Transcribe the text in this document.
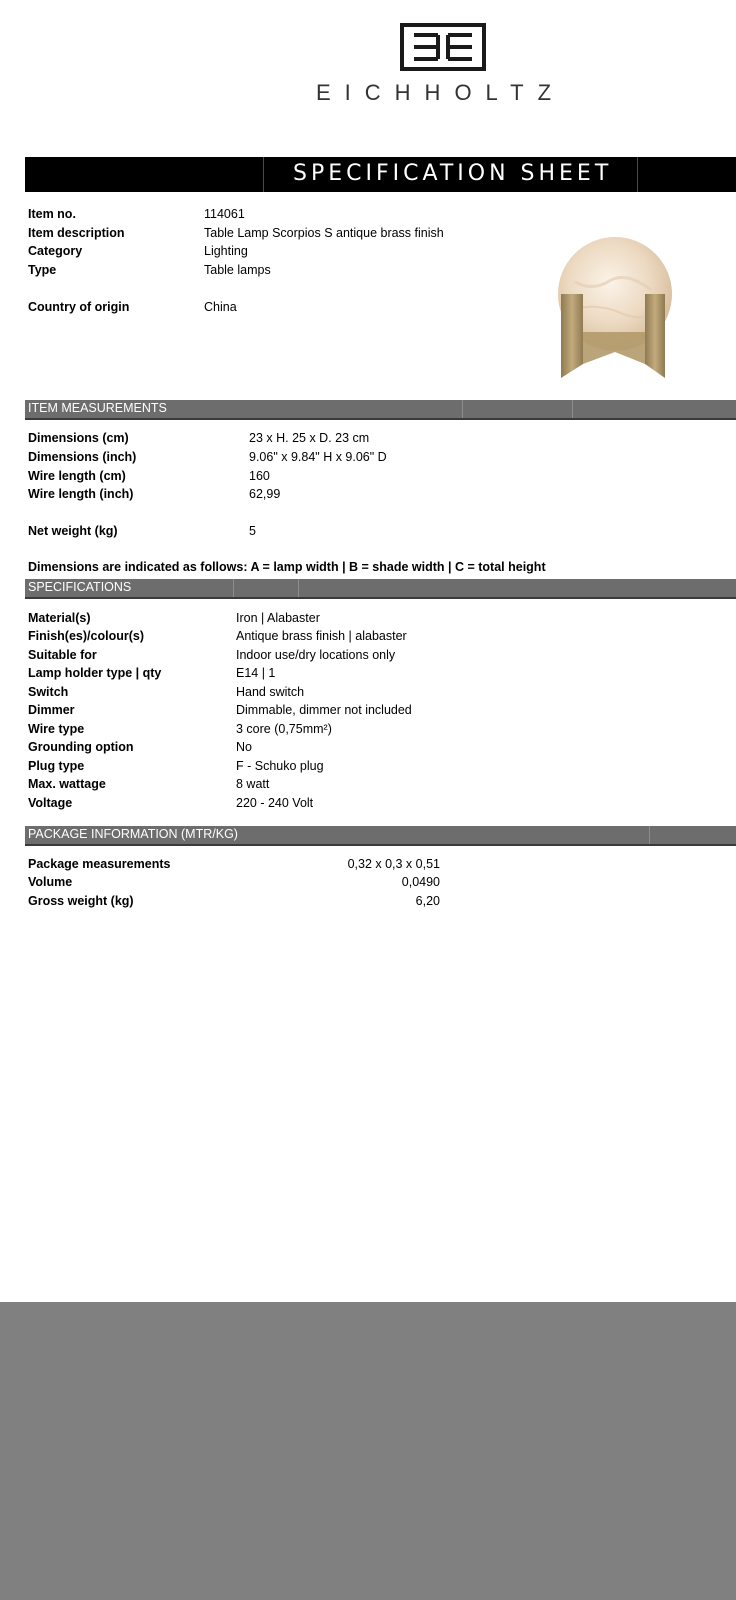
EICHHOLTZ
SPECIFICATION SHEET
Item no.	114061
Item description	Table Lamp Scorpios S antique brass finish
Category	Lighting
Type	Table lamps
Country of origin	China
ITEM MEASUREMENTS
Dimensions (cm)	23 x H. 25 x D. 23 cm
Dimensions (inch)	9.06" x 9.84" H x 9.06" D
Wire length (cm)	160
Wire length (inch)	62,99
Net weight (kg)	5
Dimensions are indicated as follows: A = lamp width | B = shade width | C = total height
SPECIFICATIONS
Material(s)	Iron | Alabaster
Finish(es)/colour(s)	Antique brass finish | alabaster
Suitable for	Indoor use/dry locations only
Lamp holder type | qty	E14 | 1
Switch	Hand switch
Dimmer	Dimmable, dimmer not included
Wire type	3 core (0,75mm²)
Grounding option	No
Plug type	F - Schuko plug
Max. wattage	8 watt
Voltage	220 - 240 Volt
PACKAGE INFORMATION (MTR/KG)
Package measurements	0,32 x 0,3 x 0,51
Volume	0,0490
Gross weight (kg)	6,20
